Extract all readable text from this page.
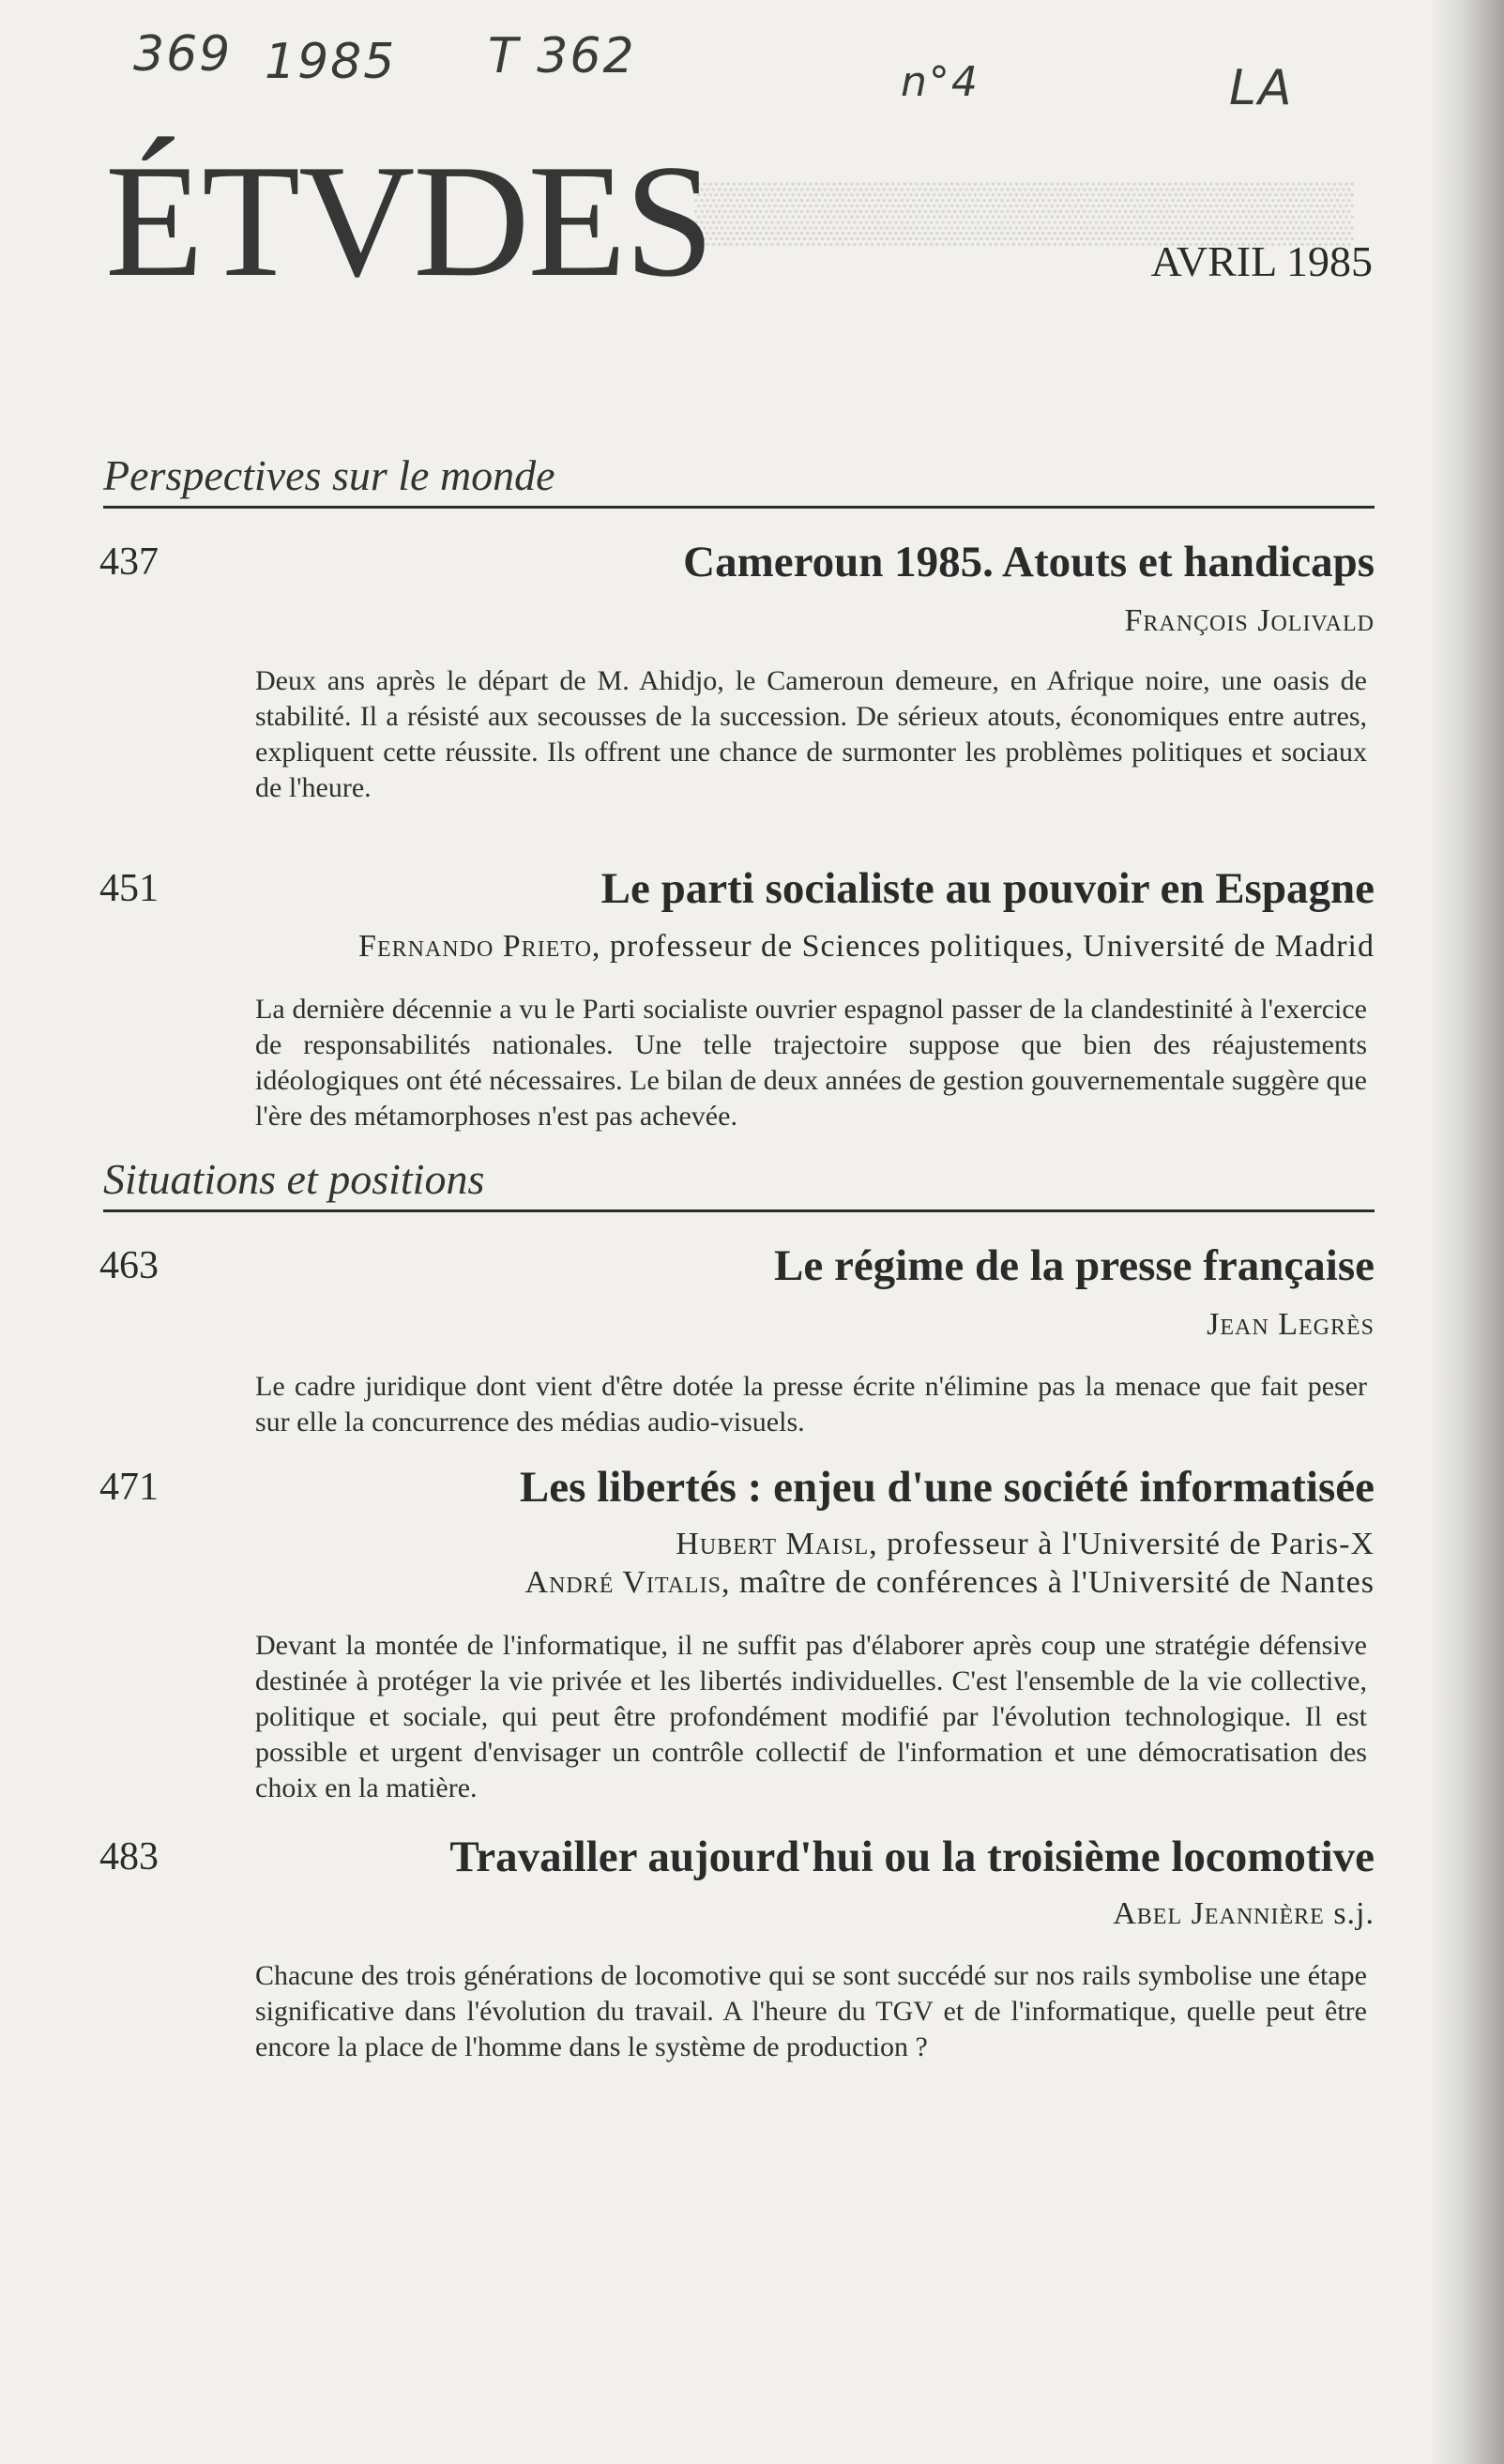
▒▒▒▒▒▒▒▒▒▒▒▒▒▒▒▒
369 1985 T 362	n°4	LA
ÉTVDES	AVRIL 1985
Perspectives sur le monde
437	Cameroun 1985. Atouts et handicaps
François Jolivald
Deux ans après le départ de M. Ahidjo, le Cameroun demeure, en Afrique noire, une oasis de stabilité. Il a résisté aux secousses de la succession. De sérieux atouts, économiques entre autres, expliquent cette réussite. Ils offrent une chance de surmonter les problèmes politiques et sociaux de l'heure.
451	Le parti socialiste au pouvoir en Espagne
Fernando Prieto, professeur de Sciences politiques, Université de Madrid
La dernière décennie a vu le Parti socialiste ouvrier espagnol passer de la clandestinité à l'exercice de responsabilités nationales. Une telle trajectoire suppose que bien des réajustements idéologiques ont été nécessaires. Le bilan de deux années de gestion gouvernementale suggère que l'ère des métamorphoses n'est pas achevée.
Situations et positions
463	Le régime de la presse française
Jean Legrès
Le cadre juridique dont vient d'être dotée la presse écrite n'élimine pas la menace que fait peser sur elle la concurrence des médias audio-visuels.
471	Les libertés : enjeu d'une société informatisée
Hubert Maisl, professeur à l'Université de Paris-X
André Vitalis, maître de conférences à l'Université de Nantes
Devant la montée de l'informatique, il ne suffit pas d'élaborer après coup une stratégie défensive destinée à protéger la vie privée et les libertés individuelles. C'est l'ensemble de la vie collective, politique et sociale, qui peut être profondément modifié par l'évolution technologique. Il est possible et urgent d'envisager un contrôle collectif de l'information et une démocratisation des choix en la matière.
483	Travailler aujourd'hui ou la troisième locomotive
Abel Jeannière s.j.
Chacune des trois générations de locomotive qui se sont succédé sur nos rails symbolise une étape significative dans l'évolution du travail. A l'heure du TGV et de l'informatique, quelle peut être encore la place de l'homme dans le système de production ?
